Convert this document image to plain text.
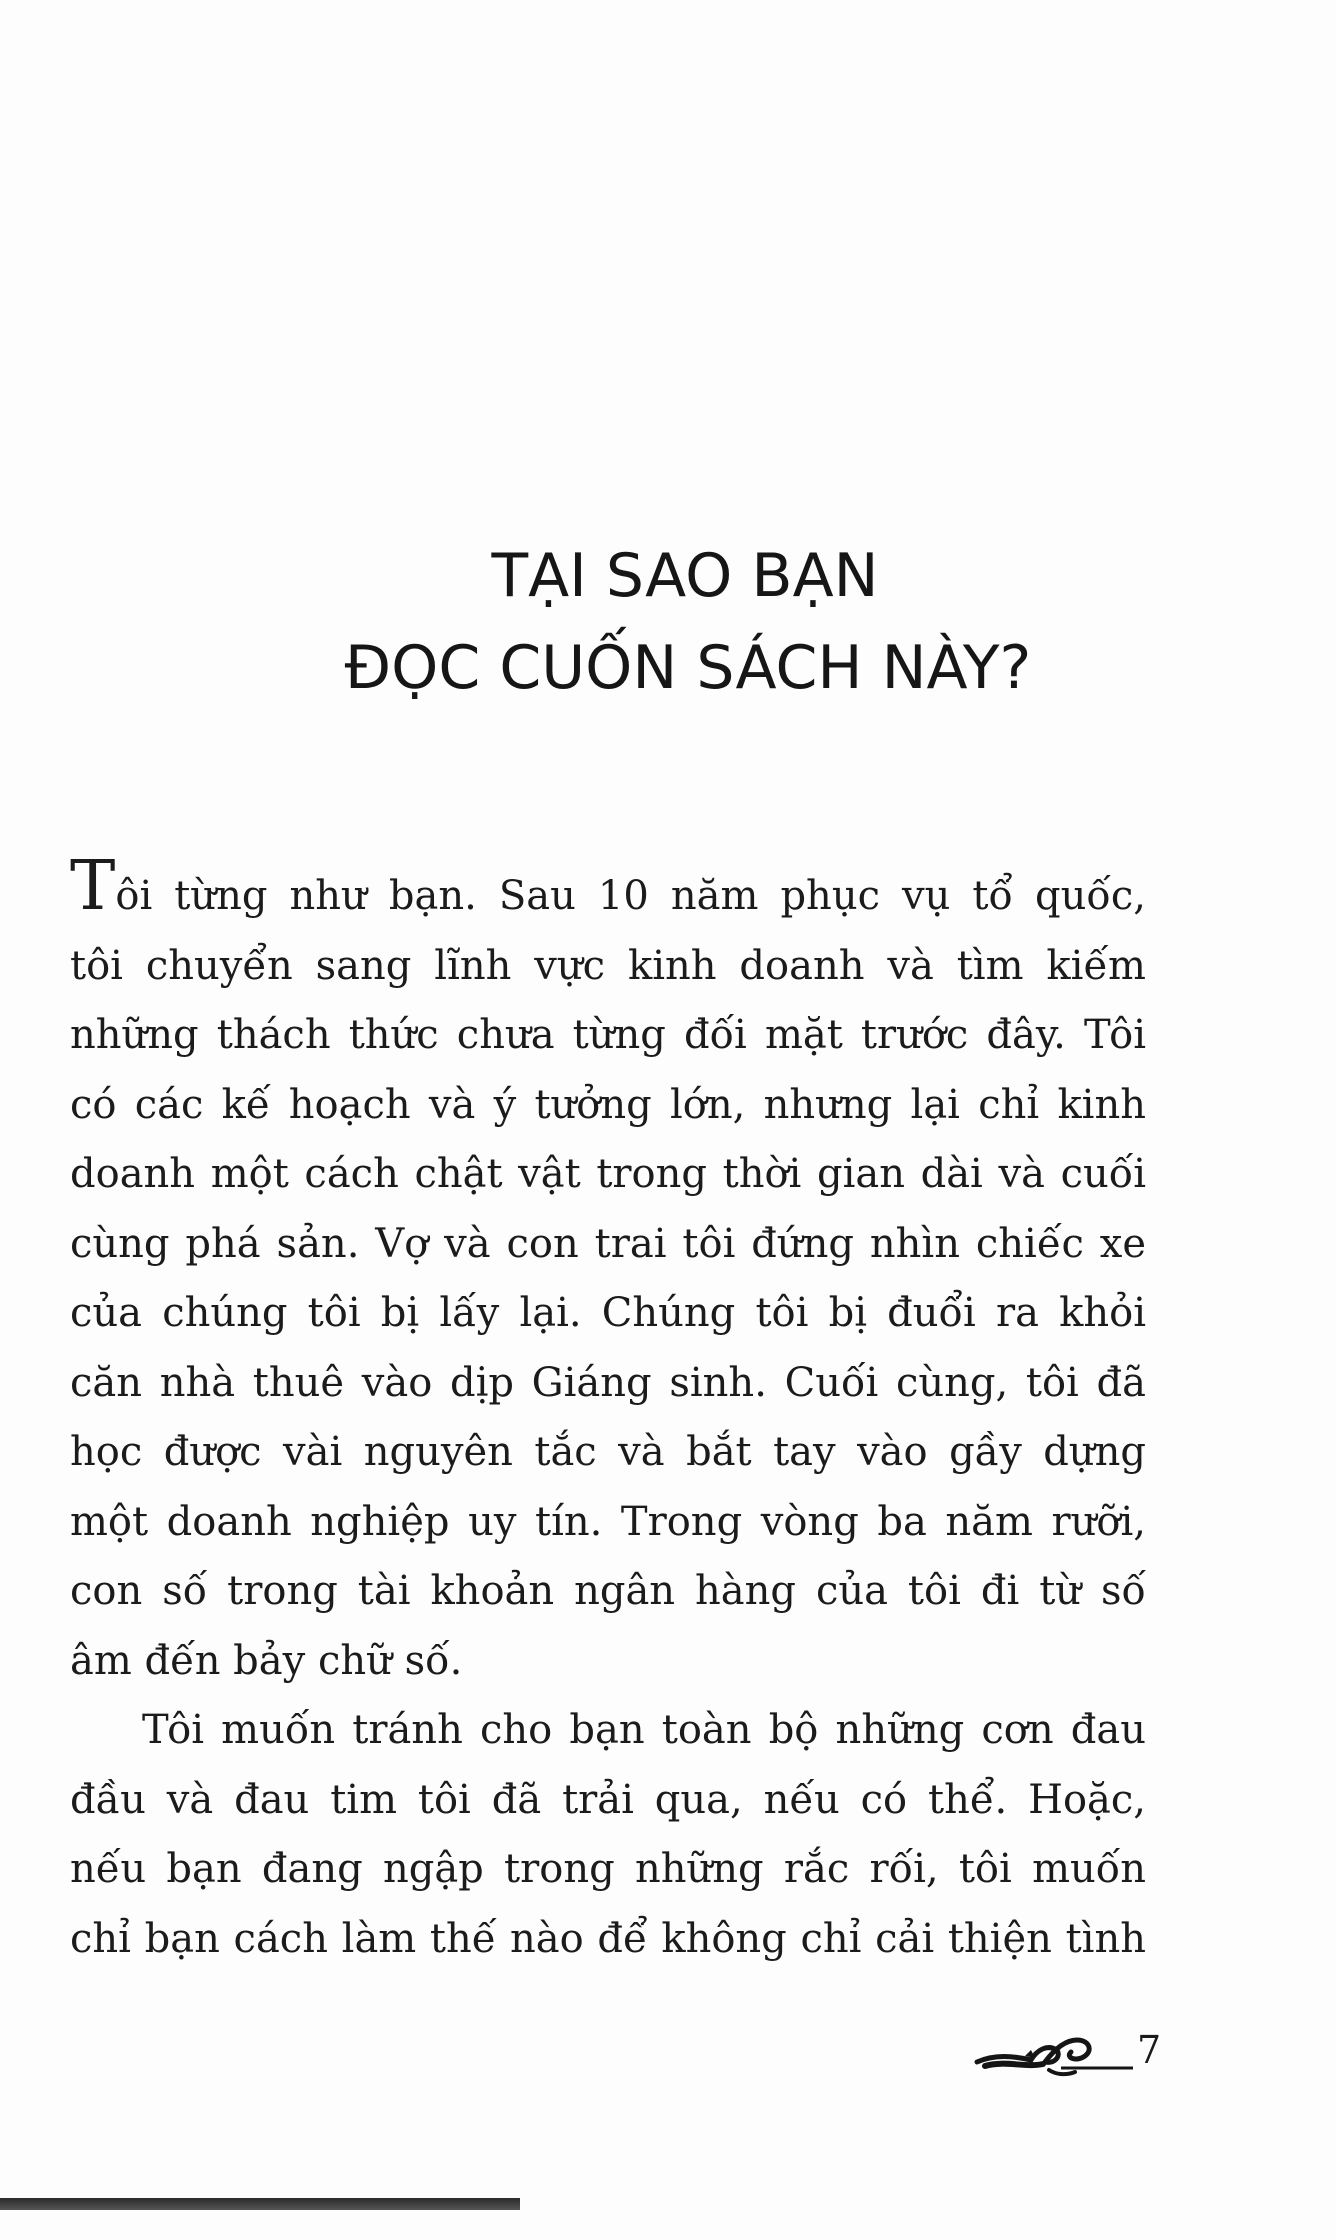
TẠI SAO BẠN
ĐỌC CUỐN SÁCH NÀY?

Tôi từng như bạn. Sau 10 năm phục vụ tổ quốc,
tôi chuyển sang lĩnh vực kinh doanh và tìm kiếm
những thách thức chưa từng đối mặt trước đây. Tôi
có các kế hoạch và ý tưởng lớn, nhưng lại chỉ kinh
doanh một cách chật vật trong thời gian dài và cuối
cùng phá sản. Vợ và con trai tôi đứng nhìn chiếc xe
của chúng tôi bị lấy lại. Chúng tôi bị đuổi ra khỏi
căn nhà thuê vào dịp Giáng sinh. Cuối cùng, tôi đã
học được vài nguyên tắc và bắt tay vào gầy dựng
một doanh nghiệp uy tín. Trong vòng ba năm rưỡi,
con số trong tài khoản ngân hàng của tôi đi từ số
âm đến bảy chữ số.

Tôi muốn tránh cho bạn toàn bộ những cơn đau
đầu và đau tim tôi đã trải qua, nếu có thể. Hoặc,
nếu bạn đang ngập trong những rắc rối, tôi muốn
chỉ bạn cách làm thế nào để không chỉ cải thiện tình

7
